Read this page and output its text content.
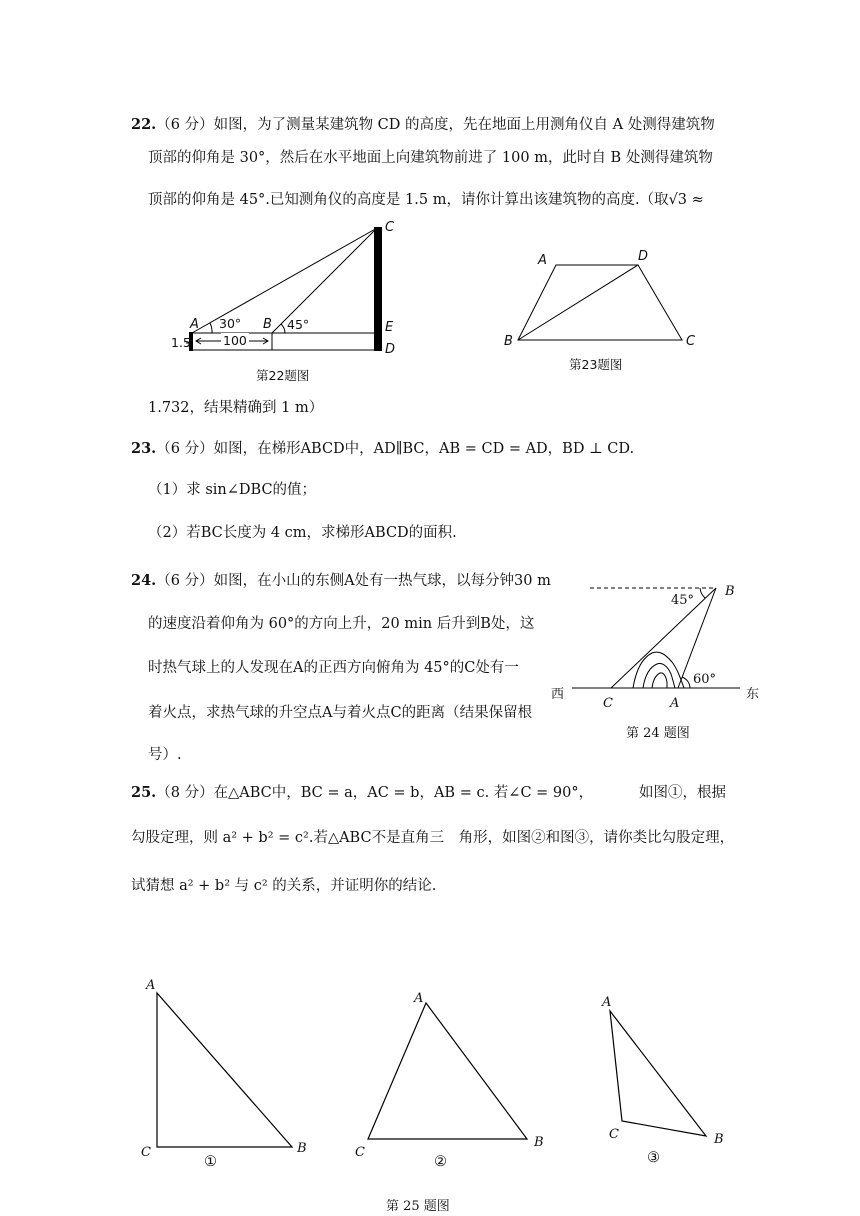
22.（6 分）如图，为了测量某建筑物 CD 的高度，先在地面上用测角仪自 A 处测得建筑物
顶部的仰角是 30°，然后在水平地面上向建筑物前进了 100 m，此时自 B 处测得建筑物
顶部的仰角是 45°.已知测角仪的高度是 1.5 m，请你计算出该建筑物的高度.（取√3 ≈
C
A 30° B 45°	E
D
1.5	100
第22题图
A	D
B	C
第23题图
1.732，结果精确到 1 m）
23.（6 分）如图，在梯形ABCD中，AD∥BC，AB = CD = AD，BD ⊥ CD.
（1）求 sin∠DBC的值；
（2）若BC长度为 4 cm，求梯形ABCD的面积.
24.（6 分）如图，在小山的东侧A处有一热气球，以每分钟30 m
的速度沿着仰角为 60°的方向上升，20 min 后升到B处，这
时热气球上的人发现在A的正西方向俯角为 45°的C处有一
着火点，求热气球的升空点A与着火点C的距离（结果保留根
号）.
B
45°
60°
西	东
C	A
第 24 题图
25.（8 分）在△ABC中，BC = a，AC = b，AB = c. 若∠C = 90°，	如图①，根据
勾股定理，则 a² + b² = c².若△ABC不是直角三　角形，如图②和图③，请你类比勾股定理，
试猜想 a² + b² 与 c² 的关系，并证明你的结论.
A
C	B
①
A
C
B
②
A
C	B
③
第 25 题图
